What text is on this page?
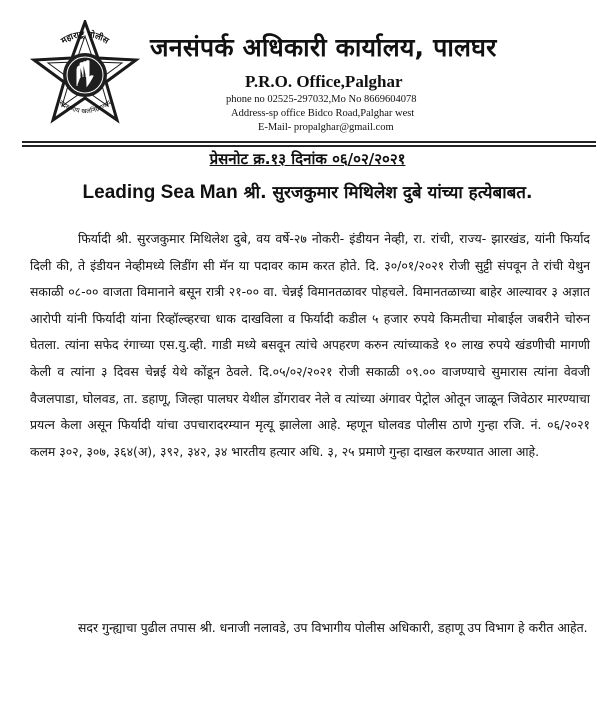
महाराष्ट्र पोलीस
सद्रक्षणाय खलनिग्रहणाय
जनसंपर्क अधिकारी कार्यालय, पालघर
P.R.O. Office,Palghar
phone no 02525-297032,Mo No 8669604078
Address-sp office Bidco Road,Palghar west
E-Mail- propalghar@gmail.com
प्रेसनोट क्र.१३ दिनांक ०६/०२/२०२१
Leading Sea Man श्री. सुरजकुमार मिथिलेश दुबे यांच्या हत्येबाबत.
फिर्यादी श्री. सुरजकुमार मिथिलेश दुबे, वय वर्षे-२७ नोकरी- इंडीयन नेव्ही, रा. रांची, राज्य- झारखंड, यांनी फिर्याद दिली की, ते इंडीयन नेव्हीमध्ये लिडींग सी मॅन या पदावर काम करत होते. दि. ३०/०१/२०२१ रोजी सुट्टी संपवून ते रांची येथुन सकाळी ०८-०० वाजता विमानाने बसून रात्री २१-०० वा. चेन्नई विमानतळावर पोहचले. विमानतळाच्या बाहेर आल्यावर ३ अज्ञात आरोपी यांनी फिर्यादी यांना रिव्हॉल्व्हरचा धाक दाखविला व फिर्यादी कडील ५ हजार रुपये किमतीचा मोबाईल जबरीने चोरुन घेतला. त्यांना सफेद रंगाच्या एस.यु.व्ही. गाडी मध्ये बसवून त्यांचे अपहरण करुन त्यांच्याकडे १० लाख रुपये खंडणीची मागणी केली व त्यांना ३ दिवस चेन्नई येथे कोंडून ठेवले. दि.०५/०२/२०२१ रोजी सकाळी ०९.०० वाजण्याचे सुमारास त्यांना वेवजी वैजलपाडा, घोलवड, ता. डहाणू, जिल्हा पालघर येथील डोंगरावर नेले व त्यांच्या अंगावर पेट्रोल ओतून जाळून जिवेठार मारण्याचा प्रयत्न केला असून फिर्यादी यांचा उपचारादरम्यान मृत्यू झालेला आहे. म्हणून घोलवड पोलीस ठाणे गुन्हा रजि. नं. ०६/२०२१ कलम ३०२, ३०७, ३६४(अ), ३९२, ३४२, ३४ भारतीय हत्यार अधि. ३, २५ प्रमाणे गुन्हा दाखल करण्यात आला आहे.
सदर गुन्ह्याचा पुढील तपास श्री. धनाजी नलावडे, उप विभागीय पोलीस अधिकारी, डहाणू उप विभाग हे करीत आहेत.
